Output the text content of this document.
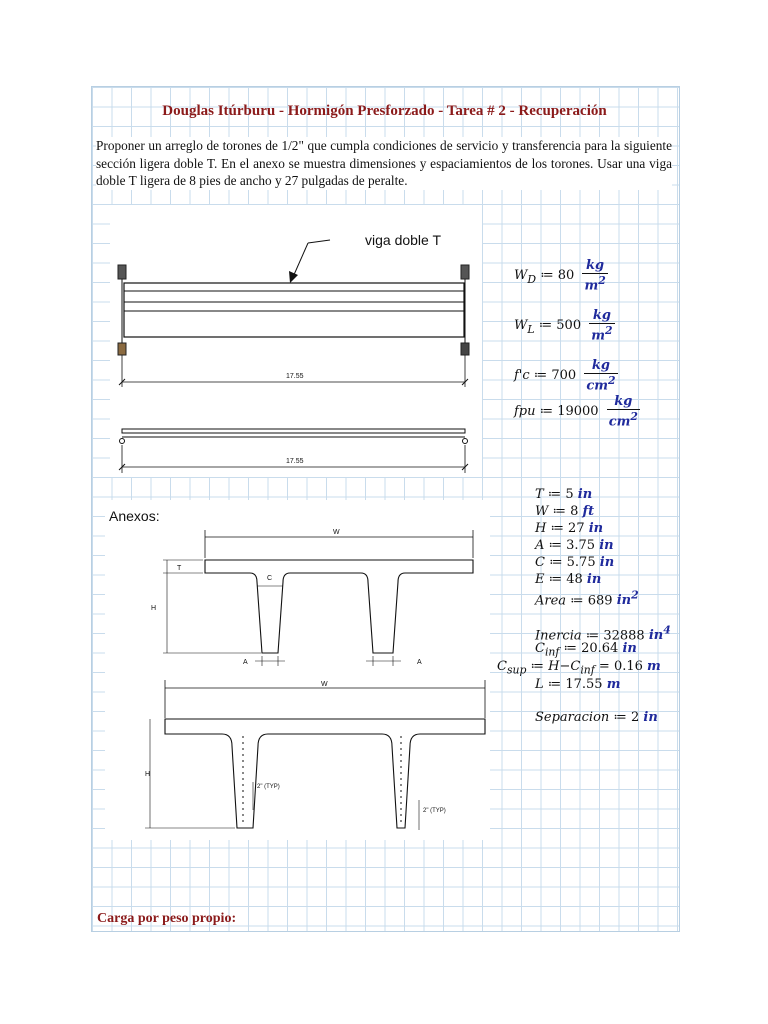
Douglas Itúrburu - Hormigón Presforzado - Tarea # 2 - Recuperación

Proponer un arreglo de torones de 1/2" que cumpla condiciones de servicio y transferencia para la siguiente sección ligera doble T. En el anexo se muestra dimensiones y espaciamientos de los torones. Usar una viga doble T ligera de 8 pies de ancho y 27 pulgadas de peralte.

viga doble T
17.55
17.55
Anexos:
W
T
H
C
A	A
W
H
2" (TYP)
2" (TYP)
$W_D$ ≔ $80 \frac{kg}{m^2}$
$W_L$ ≔ $500 \frac{kg}{m^2}$
f'c ≔ $700 \frac{kg}{cm^2}$
fpu ≔ $19000 \frac{kg}{cm^2}$
T ≔ 5 in
W ≔ 8 ft
H ≔ 27 in
A ≔ 3.75 in
C ≔ 5.75 in
E ≔ 48 in
Area ≔ 689 $in^2$
Inercia ≔ 32888 $in^4$
$C_{inf}$ ≔ 20.64 in
$C_{sup}$ ≔ $H-C_{inf} = 0.16$ m
L ≔ 17.55 m
Separacion ≔ 2 in
Carga por peso propio:
